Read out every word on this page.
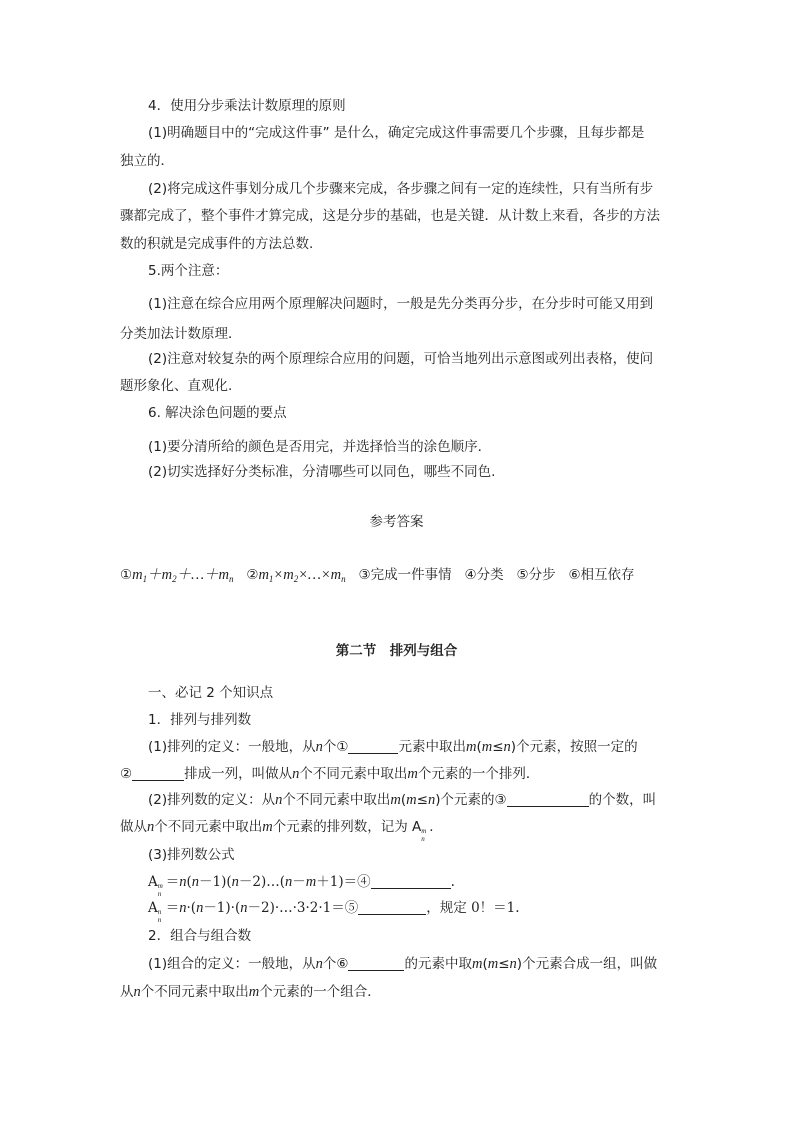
4．使用分步乘法计数原理的原则
(1)明确题目中的“完成这件事” 是什么，确定完成这件事需要几个步骤，且每步都是
独立的．
(2)将完成这件事划分成几个步骤来完成，各步骤之间有一定的连续性，只有当所有步
骤都完成了，整个事件才算完成，这是分步的基础，也是关键．从计数上来看，各步的方法
数的积就是完成事件的方法总数.
5.两个注意：
(1)注意在综合应用两个原理解决问题时，一般是先分类再分步，在分步时可能又用到
分类加法计数原理．
(2)注意对较复杂的两个原理综合应用的问题，可恰当地列出示意图或列出表格，使问
题形象化、直观化.
6. 解决涂色问题的要点
(1)要分清所给的颜色是否用完，并选择恰当的涂色顺序．
(2)切实选择好分类标准，分清哪些可以同色，哪些不同色.
参考答案
$①m_1+m_2+\dots+m_n$ $②m_1\times m_2\times\dots\times m_n$ ③完成一件事情 ④分类 ⑤分步 ⑥相互依存
第二节　排列与组合
一、必记 2 个知识点
1．排列与排列数
(1)排列的定义：一般地，从n个①	元素中取出m(m≤n)个元素，按照一定的
②	排成一列，叫做从n个不同元素中取出m个元素的一个排列．
(2)排列数的定义：从n个不同元素中取出m(m≤n)个元素的③	的个数，叫
做从n个不同元素中取出m个元素的排列数，记为 A m
n
.
(3)排列数公式
A m
n
＝n(n－1)(n－2)…(n－m＋1)＝④	.
A n
n
＝n·(n－1)·(n－2)·…·3·2·1＝⑤	，规定 0！＝1.
2．组合与组合数
(1)组合的定义：一般地，从n个⑥	的元素中取m(m≤n)个元素合成一组，叫做
从n个不同元素中取出m个元素的一个组合．
